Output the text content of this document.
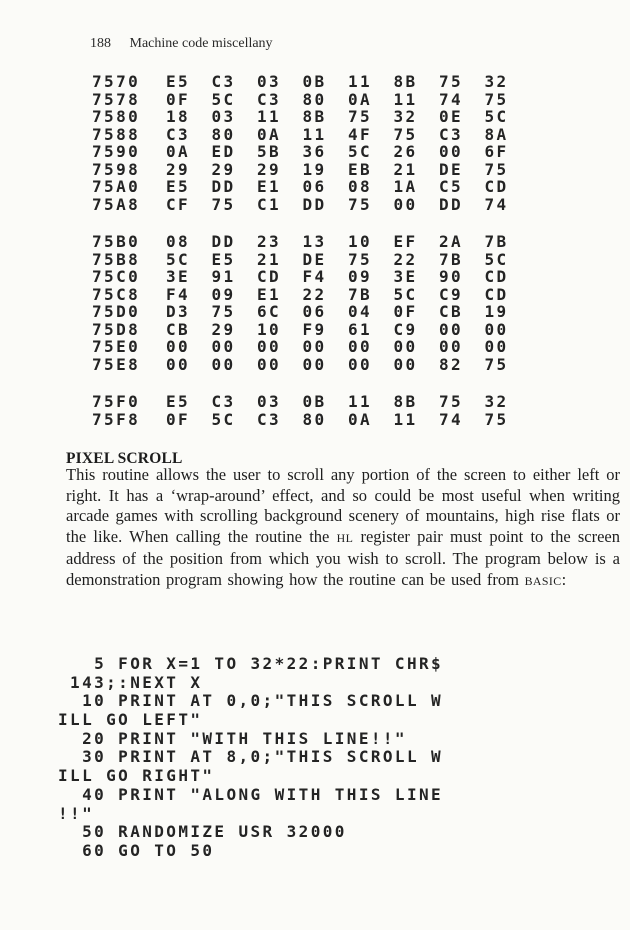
188 Machine code miscellany
7570 E5 C3 03 0B 11 8B 75 32
7578 0F 5C C3 80 0A 11 74 75
7580 18 03 11 8B 75 32 0E 5C
7588 C3 80 0A 11 4F 75 C3 8A
7590 0A ED 5B 36 5C 26 00 6F
7598 29 29 29 19 EB 21 DE 75
75A0 E5 DD E1 06 08 1A C5 CD
75A8 CF 75 C1 DD 75 00 DD 74
75B0 08 DD 23 13 10 EF 2A 7B
75B8 5C E5 21 DE 75 22 7B 5C
75C0 3E 91 CD F4 09 3E 90 CD
75C8 F4 09 E1 22 7B 5C C9 CD
75D0 D3 75 6C 06 04 0F CB 19
75D8 CB 29 10 F9 61 C9 00 00
75E0 00 00 00 00 00 00 00 00
75E8 00 00 00 00 00 00 82 75
75F0 E5 C3 03 0B 11 8B 75 32
75F8 0F 5C C3 80 0A 11 74 75
PIXEL SCROLL

This routine allows the user to scroll any portion of the screen to either left or right. It has a ‘wrap-around’ effect, and so could be most useful when writing arcade games with scrolling background scenery of mountains, high rise flats or the like. When calling the routine the HL register pair must point to the screen address of the position from which you wish to scroll. The program below is a demonstration program showing how the routine can be used from BASIC:

5 FOR X=1 TO 32*22:PRINT CHR$
143;:NEXT X
10 PRINT AT 0,0;"THIS SCROLL W
ILL GO LEFT"
20 PRINT "WITH THIS LINE!!"
30 PRINT AT 8,0;"THIS SCROLL W
ILL GO RIGHT"
40 PRINT "ALONG WITH THIS LINE
!!"
50 RANDOMIZE USR 32000
60 GO TO 50
